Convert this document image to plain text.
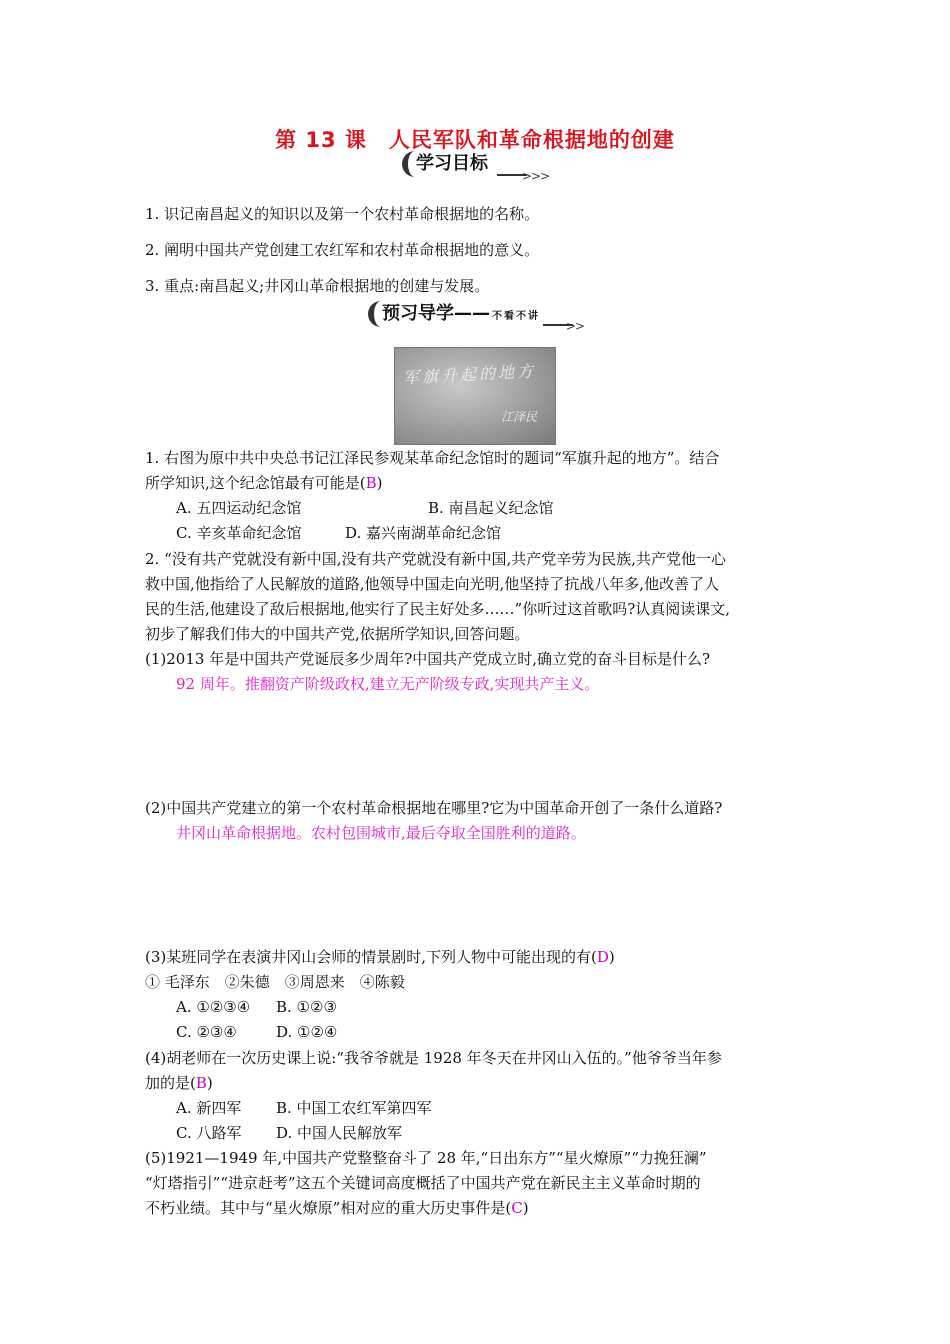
第 13 课　人民军队和革命根据地的创建
学习目标
>>>
1. 识记南昌起义的知识以及第一个农村革命根据地的名称。
2. 阐明中国共产党创建工农红军和农村革命根据地的意义。
3. 重点:南昌起义;井冈山革命根据地的创建与发展。
预习导学—— 不看不讲
>>
军旗升起的地方
江泽民
1. 右图为原中共中央总书记江泽民参观某革命纪念馆时的题词“军旗升起的地方”。结合
所学知识,这个纪念馆最有可能是(B)
A. 五四运动纪念馆	B. 南昌起义纪念馆
C. 辛亥革命纪念馆	D. 嘉兴南湖革命纪念馆
2. “没有共产党就没有新中国,没有共产党就没有新中国,共产党辛劳为民族,共产党他一心
救中国,他指给了人民解放的道路,他领导中国走向光明,他坚持了抗战八年多,他改善了人
民的生活,他建设了敌后根据地,他实行了民主好处多……”你听过这首歌吗?认真阅读课文,
初步了解我们伟大的中国共产党,依据所学知识,回答问题。
(1)2013 年是中国共产党诞辰多少周年?中国共产党成立时,确立党的奋斗目标是什么?
92 周年。推翻资产阶级政权,建立无产阶级专政,实现共产主义。
(2)中国共产党建立的第一个农村革命根据地在哪里?它为中国革命开创了一条什么道路?
井冈山革命根据地。农村包围城市,最后夺取全国胜利的道路。
(3)某班同学在表演井冈山会师的情景剧时,下列人物中可能出现的有(D)
① 毛泽东　②朱德　③周恩来　④陈毅
A. ①②③④ B. ①②③
C. ②③④	D. ①②④
(4)胡老师在一次历史课上说:“我爷爷就是 1928 年冬天在井冈山入伍的。”他爷爷当年参
加的是(B)
A. 新四军 B. 中国工农红军第四军
C. 八路军 D. 中国人民解放军
(5)1921—1949 年,中国共产党整整奋斗了 28 年,“日出东方”“星火燎原”“力挽狂澜”
“灯塔指引”“进京赶考”这五个关键词高度概括了中国共产党在新民主主义革命时期的
不朽业绩。其中与“星火燎原”相对应的重大历史事件是(C)
